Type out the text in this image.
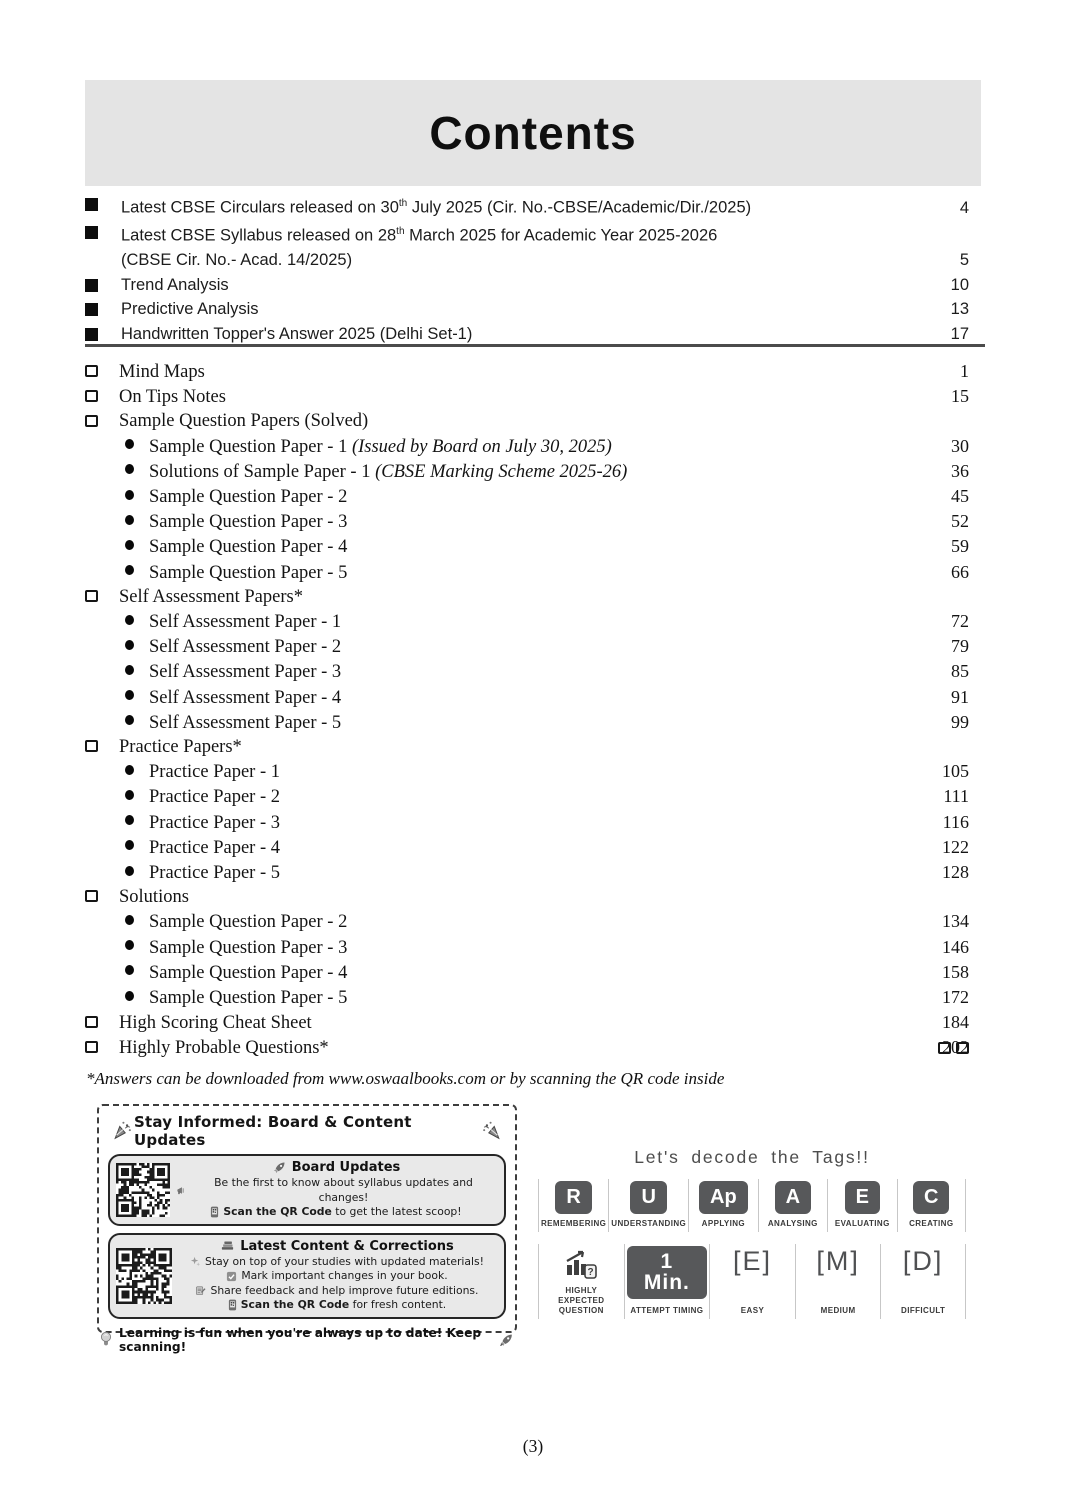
Contents
Latest CBSE Circulars released on 30th July 2025 (Cir. No.-CBSE/Academic/Dir./2025)	4
Latest CBSE Syllabus released on 28th March 2025 for Academic Year 2025-2026
(CBSE Cir. No.- Acad. 14/2025)	5
Trend Analysis	10
Predictive Analysis	13
Handwritten Topper's Answer 2025 (Delhi Set-1)	17
Mind Maps	1
On Tips Notes	15
Sample Question Papers (Solved)
Sample Question Paper - 1 (Issued by Board on July 30, 2025)	30
Solutions of Sample Paper - 1 (CBSE Marking Scheme 2025-26)	36
Sample Question Paper - 2	45
Sample Question Paper - 3	52
Sample Question Paper - 4	59
Sample Question Paper - 5	66
Self Assessment Papers*
Self Assessment Paper - 1	72
Self Assessment Paper - 2	79
Self Assessment Paper - 3	85
Self Assessment Paper - 4	91
Self Assessment Paper - 5	99
Practice Papers*
Practice Paper - 1	105
Practice Paper - 2	111
Practice Paper - 3	116
Practice Paper - 4	122
Practice Paper - 5	128
Solutions
Sample Question Paper - 2	134
Sample Question Paper - 3	146
Sample Question Paper - 4	158
Sample Question Paper - 5	172
High Scoring Cheat Sheet	184
Highly Probable Questions*	202
*Answers can be downloaded from www.oswaalbooks.com or by scanning the QR code inside
Stay Informed: Board & Content Updates
Board Updates
Be the first to know about syllabus updates and changes!
Scan the QR Code to get the latest scoop!
Latest Content & Corrections
Stay on top of your studies with updated materials!
Mark important changes in your book.
Share feedback and help improve future editions.
Scan the QR Code for fresh content.
Learning is fun when you're always up to date! Keep scanning!
Let's decode the Tags!!
R
REMEMBERING
U
UNDERSTANDING
Ap
APPLYING
A
ANALYSING
E
EVALUATING
C
CREATING
?
HIGHLY EXPECTED QUESTION
1 Min.
ATTEMPT TIMING
[E]
EASY
[M]
MEDIUM
[D]
DIFFICULT
(3)
